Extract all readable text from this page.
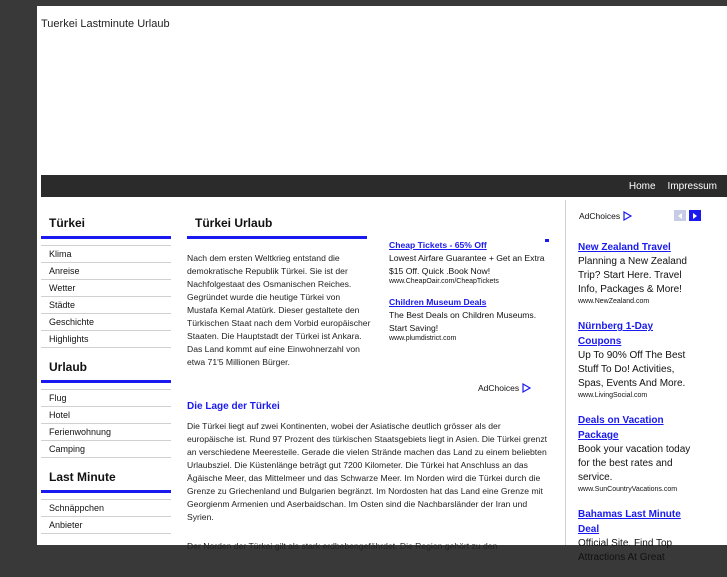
Tuerkei Lastminute Urlaub
Home Impressum
Türkei
Klima
Anreise
Wetter
Städte
Geschichte
Highlights
Urlaub
Flug
Hotel
Ferienwohnung
Camping
Last Minute
Schnäppchen
Anbieter
Türkei Urlaub
Nach dem ersten Weltkrieg entstand die demokratische Republik Türkei. Sie ist der Nachfolgestaat des Osmanischen Reiches. Gegründet wurde die heutige Türkei von Mustafa Kemal Atatürk. Dieser gestaltete den Türkischen Staat nach dem Vorbid europäischer Staaten. Die Hauptstadt der Türkei ist Ankara. Das Land kommt auf eine Einwohnerzahl von etwa 71'5 Millionen Bürger.
Cheap Tickets - 65% Off
Lowest Airfare Guarantee + Get an Extra $15 Off. Quick .Book Now!
www.CheapOair.com/CheapTickets
Children Museum Deals
The Best Deals on Children Museums. Start Saving!
www.plumdistrict.com
AdChoices
Die Lage der Türkei
Die Türkei liegt auf zwei Kontinenten, wobei der Asiatische deutlich grösser als der europäische ist. Rund 97 Prozent des türkischen Staatsgebiets liegt in Asien. Die Türkei grenzt an verschiedene Meeresteile. Gerade die vielen Strände machen das Land zu einem beliebten Urlaubsziel. Die Küstenlänge beträgt gut 7200 Kilometer. Die Türkei hat Anschluss an das Ägäische Meer, das Mittelmeer und das Schwarze Meer. Im Norden wird die Türkei durch die Grenze zu Griechenland und Bulgarien begränzt. Im Nordosten hat das Land eine Grenze mit Georgienm Armenien und Aserbaidschan. Im Osten sind die Nachbarsländer der Iran und Syrien.
Der Norden der Türkei gilt als stark erdbebengefährdet. Die Region gehört zu den
AdChoices
New Zealand Travel
Planning a New Zealand Trip? Start Here. Travel Info, Packages & More!
www.NewZealand.com
Nürnberg 1-Day Coupons
Up To 90% Off The Best Stuff To Do! Activities, Spas, Events And More.
www.LivingSocial.com
Deals on Vacation Package
Book your vacation today for the best rates and service.
www.SunCountryVacations.com
Bahamas Last Minute Deal
Official Site. Find Top Attractions At Great
